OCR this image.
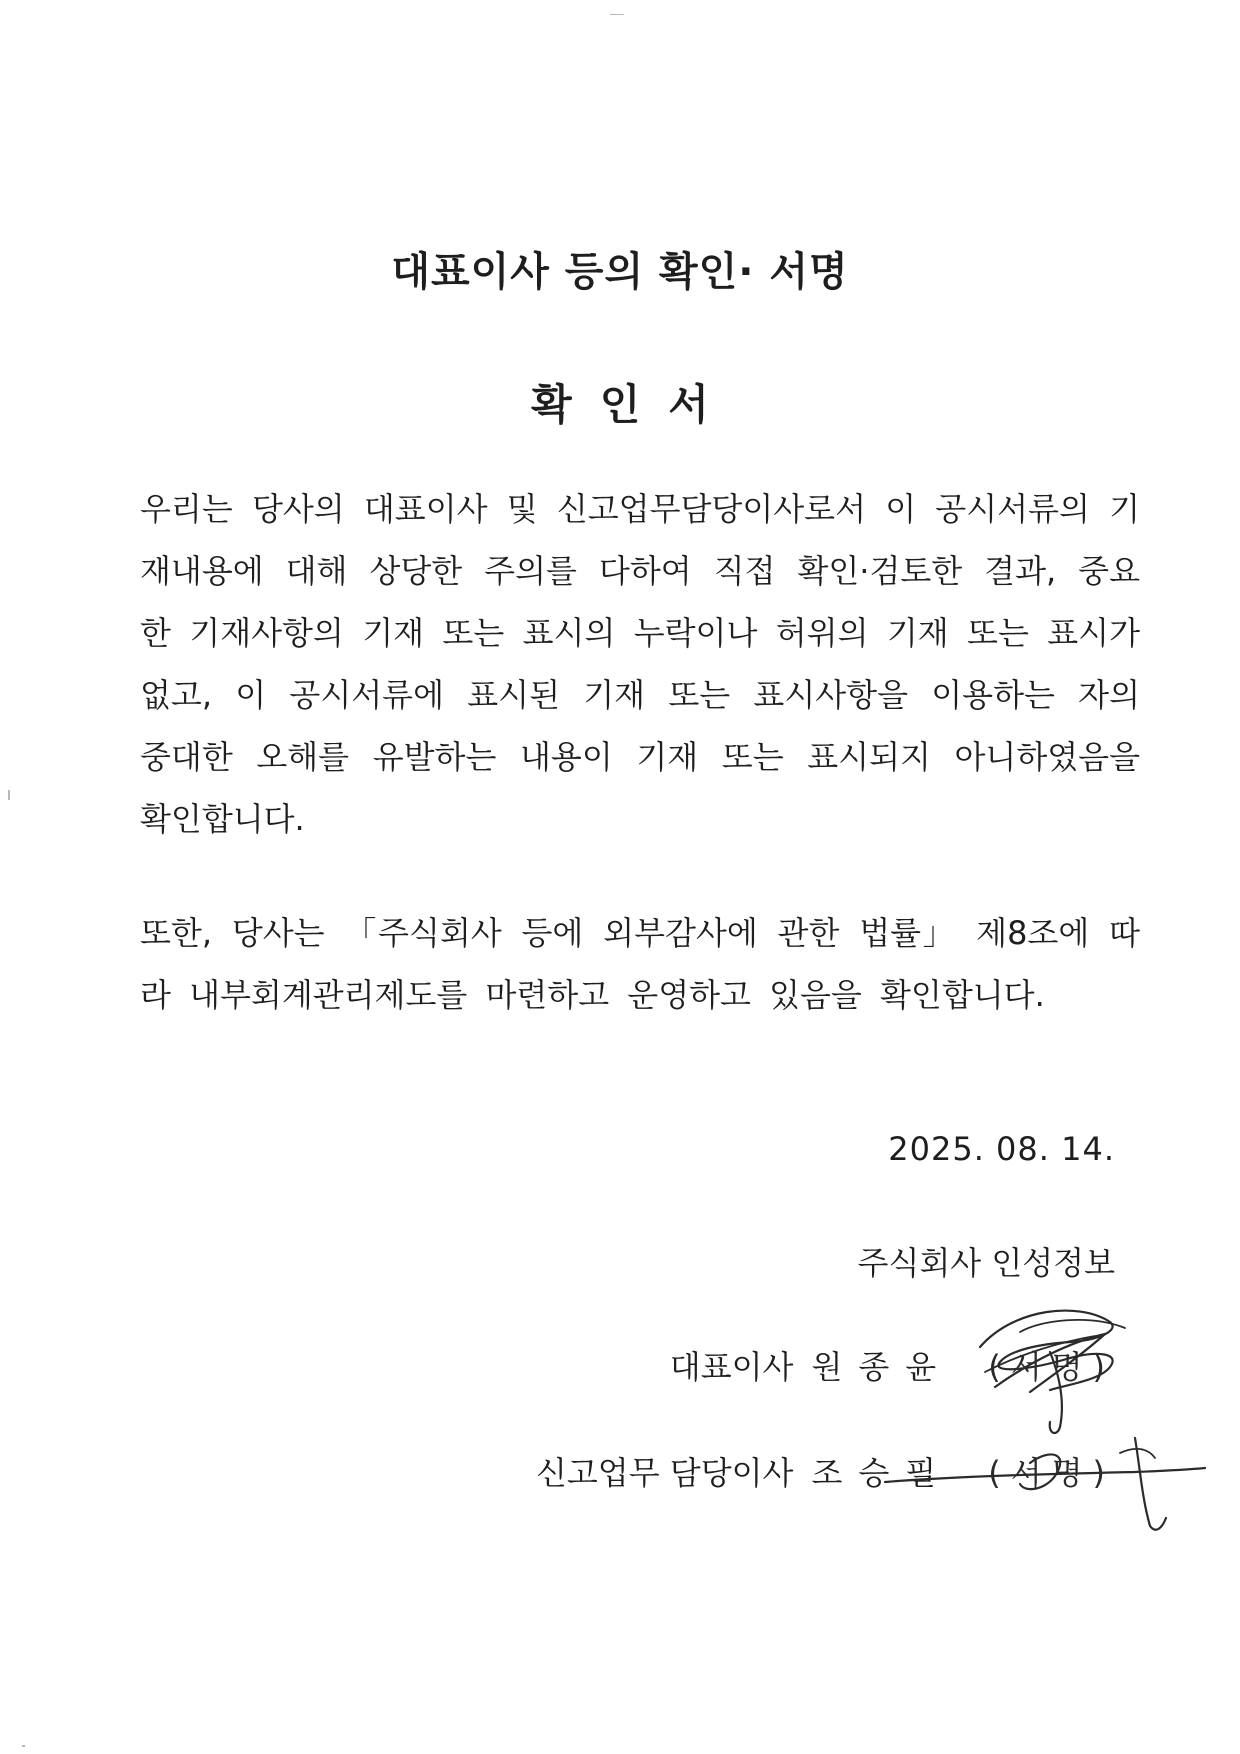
대표이사 등의 확인· 서명
확인서

우리는 당사의 대표이사 및 신고업무담당이사로서 이 공시서류의 기재내용에 대해 상당한 주의를 다하여 직접 확인·검토한 결과, 중요한 기재사항의 기재 또는 표시의 누락이나 허위의 기재 또는 표시가 없고, 이 공시서류에 표시된 기재 또는 표시사항을 이용하는 자의 중대한 오해를 유발하는 내용이 기재 또는 표시되지 아니하였음을 확인합니다.

또한, 당사는 「주식회사 등에 외부감사에 관한 법률」 제8조에 따라 내부회계관리제도를 마련하고 운영하고 있음을 확인합니다.

2025. 08. 14.

주식회사 인성정보

대표이사 원종윤 (서명)
신고업무 담당이사 조승필 (서명)
